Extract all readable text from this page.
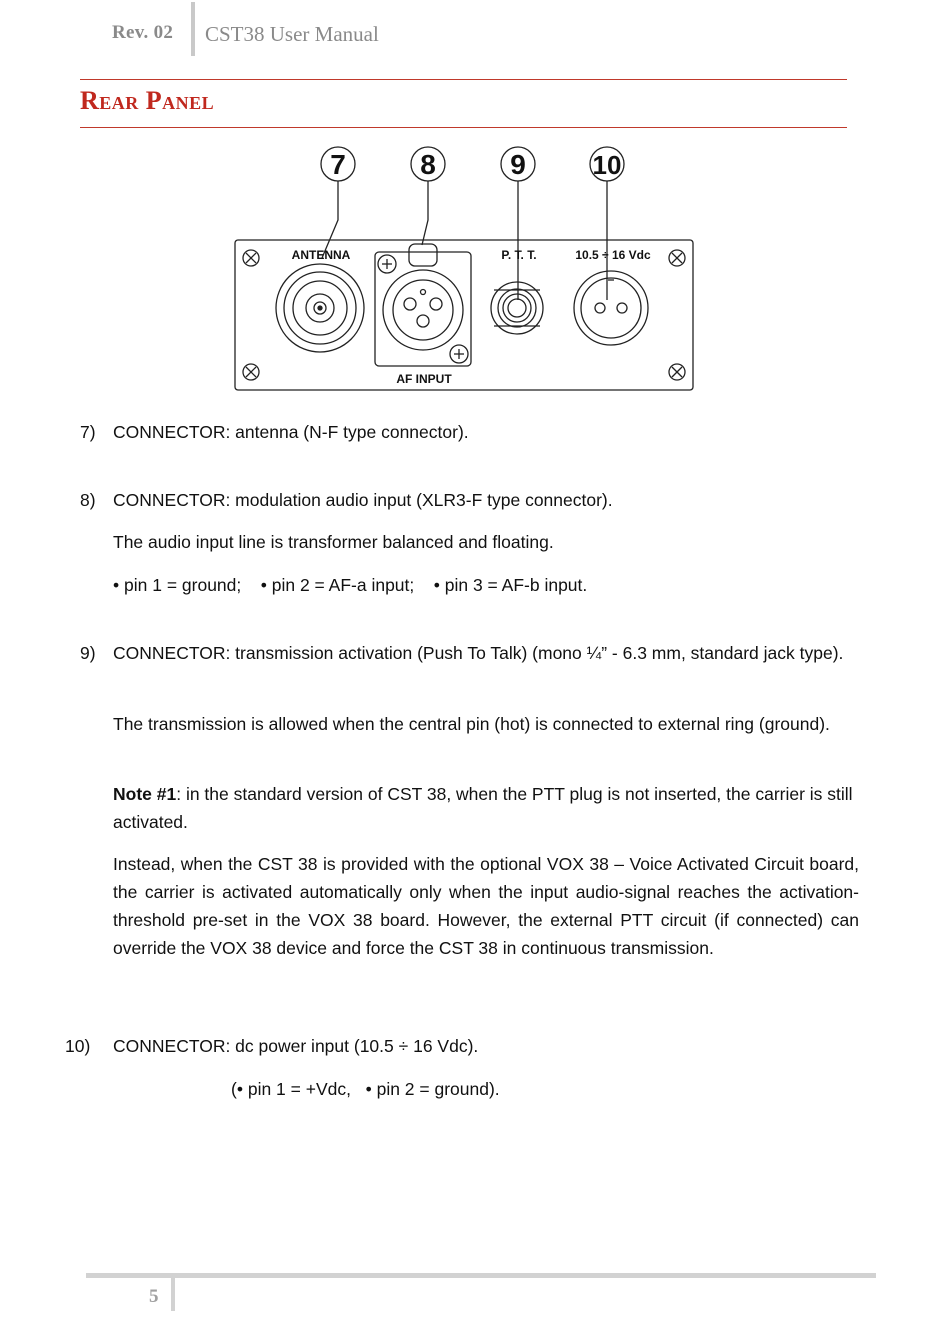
Rev. 02 CST38 User Manual
Rear Panel
7	8	9	10
ANTENNA	P. T. T.	10.5 ÷ 16 Vdc
AF INPUT
7) CONNECTOR: antenna (N-F type connector).
8) CONNECTOR: modulation audio input (XLR3-F type connector).
The audio input line is transformer balanced and floating.
• pin 1 = ground; • pin 2 = AF-a input; • pin 3 = AF-b input.
9) CONNECTOR: transmission activation (Push To Talk) (mono ¼” - 6.3 mm, standard jack type).
The transmission is allowed when the central pin (hot) is connected to external ring (ground).
Note #1: in the standard version of CST 38, when the PTT plug is not inserted, the carrier is still activated.
Instead, when the CST 38 is provided with the optional VOX 38 – Voice Activated Circuit board, the carrier is activated automatically only when the input audio-signal reaches the activation-threshold pre-set in the VOX 38 board. However, the external PTT circuit (if connected) can override the VOX 38 device and force the CST 38 in continuous transmission.
10) CONNECTOR: dc power input (10.5 ÷ 16 Vdc).
(• pin 1 = +Vdc, • pin 2 = ground).
5
